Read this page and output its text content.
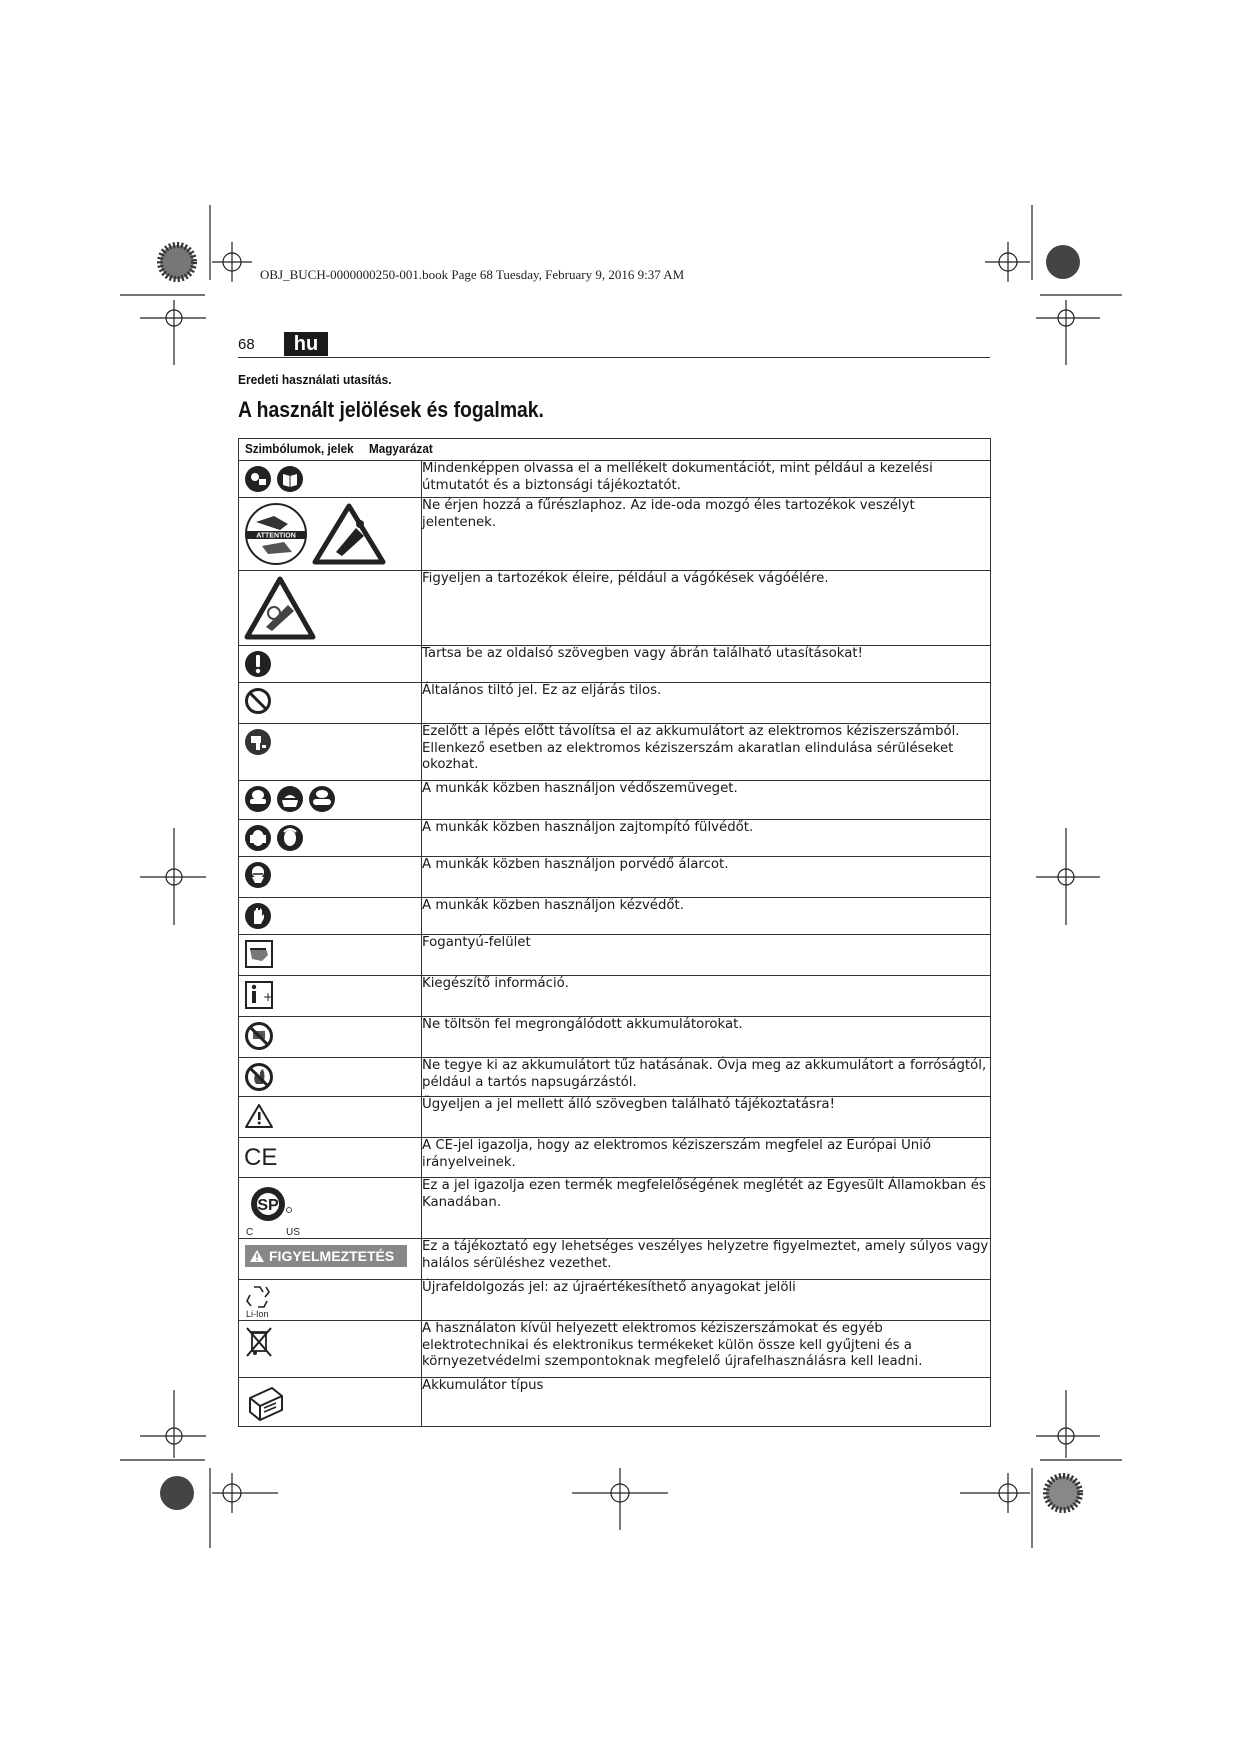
OBJ_BUCH-0000000250-001.book Page 68 Tuesday, February 9, 2016 9:37 AM
68	hu
Eredeti használati utasítás.
A használt jelölések és fogalmak.
Szimbólumok, jelek Magyarázat	

	Mindenképpen olvassa el a mellékelt dokumentációt, mint például a kezelési útmutatót és a biztonsági tájékoztatót.

ATTENTION	Ne érjen hozzá a fűrészlaphoz. Az ide-oda mozgó éles tartozékok veszélyt jelentenek.

	Figyeljen a tartozékok éleire, például a vágókések vágóélére.

	Tartsa be az oldalsó szövegben vagy ábrán található utasításokat!

	Általános tiltó jel. Ez az eljárás tilos.

	Ezelőtt a lépés előtt távolítsa el az akkumulátort az elektromos kéziszerszámból. Ellenkező esetben az elektromos kéziszerszám akaratlan elindulása sérüléseket okozhat.

	A munkák közben használjon védőszemüveget.

	A munkák közben használjon zajtompító fülvédőt.

	A munkák közben használjon porvédő álarcot.

	A munkák közben használjon kézvédőt.

	Fogantyú-felület

+	Kiegészítő információ.

	Ne töltsön fel megrongálódott akkumulátorokat.

	Ne tegye ki az akkumulátort tűz hatásának. Óvja meg az akkumulátort a forróságtól, például a tartós napsugárzástól.

	Ügyeljen a jel mellett álló szövegben található tájékoztatásra!

CE	A CE-jel igazolja, hogy az elektromos kéziszerszám megfelel az Európai Unió irányelveinek.

SP
C US	Ez a jel igazolja ezen termék megfelelőségének meglétét az Egyesült Államokban és Kanadában.

FIGYELMEZTETÉS	Ez a tájékoztató egy lehetséges veszélyes helyzetre figyelmeztet, amely súlyos vagy halálos sérüléshez vezethet.

Li-Ion	Újrafeldolgozás jel: az újraértékesíthető anyagokat jelöli

	A használaton kívül helyezett elektromos kéziszerszámokat és egyéb elektrotechnikai és elektronikus termékeket külön össze kell gyűjteni és a környezetvédelmi szempontoknak megfelelő újrafelhasználásra kell leadni.

	Akkumulátor típus
